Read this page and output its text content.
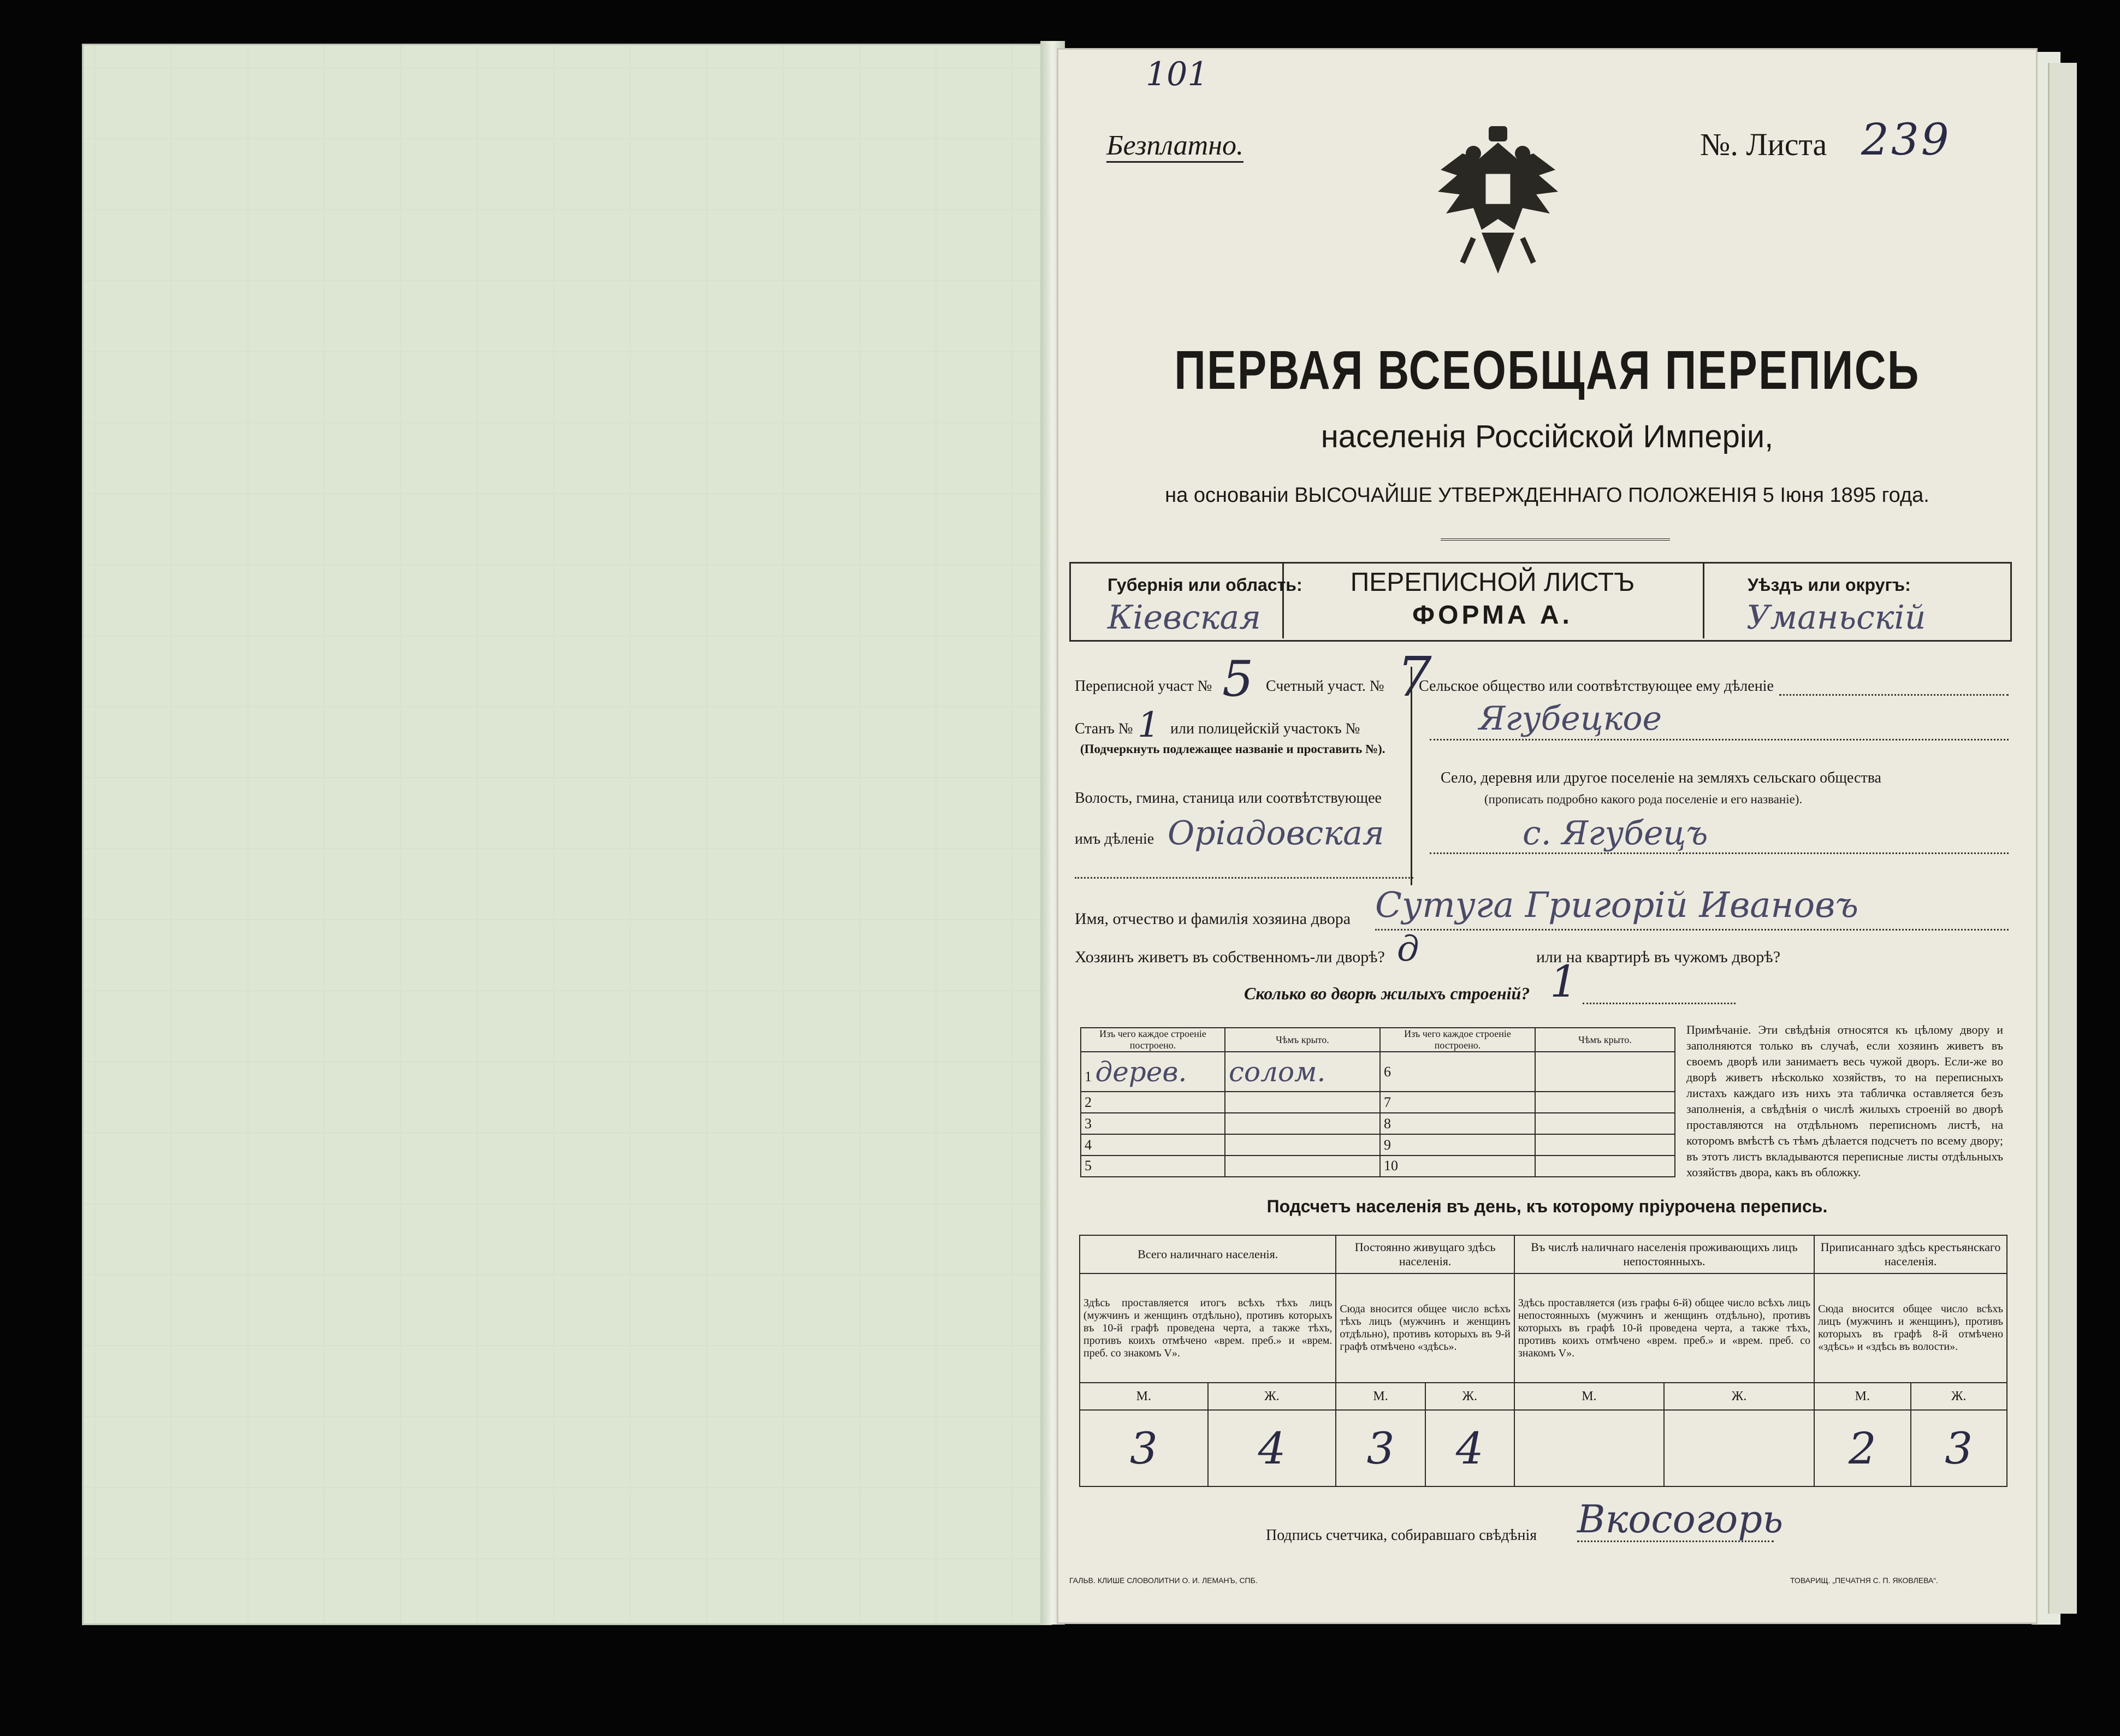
101
Безплатно.	№. Листа 239
ПЕРВАЯ ВСЕОБЩАЯ ПЕРЕПИСЬ
населенія Россійской Имперіи,
на основаніи ВЫСОЧАЙШЕ УТВЕРЖДЕННАГО ПОЛОЖЕНІЯ 5 Іюня 1895 года.
Губернія или область:
Кіевская
ПЕРЕПИСНОЙ ЛИСТЪ
ФОРМА А.
Уѣздъ или округъ:
Уманьскій
Переписной участ № 5 Счетный участ. № 7
Станъ № 1 или полицейскій участокъ №
(Подчеркнуть подлежащее названіе и проставить №).
Волость, гмина, станица или соотвѣтствующее
имъ дѣленіе Оріадовская
Сельское общество или соотвѣтствующее ему дѣленіе
Ягубецкое
Село, деревня или другое поселеніе на земляхъ сельскаго общества
(прописать подробно какого рода поселеніе и его названіе).
с. Ягубецъ
Имя, отчество и фамилія хозяина двора Сутуга Григорій Ивановъ
Хозяинъ живетъ въ собственномъ-ли дворѣ? д	или на квартирѣ въ чужомъ дворѣ?
Сколько во дворѣ жилыхъ строеній? 1
Изъ чего каждое строеніе построено.	Чѣмъ крыто.	Изъ чего каждое строеніе построено.	Чѣмъ крыто.
1 дерев.	солом.	6	
2		7	
3		8	
4		9	
5		10	
Примѣчаніе. Эти свѣдѣнія относятся къ цѣлому двору и заполняются только въ случаѣ, если хозяинъ живетъ въ своемъ дворѣ или занимаетъ весь чужой дворъ. Если-же во дворѣ живетъ нѣсколько хозяйствъ, то на переписныхъ листахъ каждаго изъ нихъ эта табличка оставляется безъ заполненія, а свѣдѣнія о числѣ жилыхъ строеній во дворѣ проставляются на отдѣльномъ переписномъ листѣ, на которомъ вмѣстѣ съ тѣмъ дѣлается подсчетъ по всему двору; въ этотъ листъ вкладываются переписные листы отдѣльныхъ хозяйствъ двора, какъ въ обложку.
Подсчетъ населенія въ день, къ которому пріурочена перепись.
Всего наличнаго населенія.		Постоянно живущаго здѣсь населенія.		Въ числѣ наличнаго населенія проживающихъ лицъ непостоянныхъ.		Приписаннаго здѣсь крестьянскаго населенія.	
Здѣсь проставляется итогъ всѣхъ тѣхъ лицъ (мужчинъ и женщинъ отдѣльно), противъ которыхъ въ 10-й графѣ проведена черта, а также тѣхъ, противъ коихъ отмѣчено «врем. преб.» и «врем. преб. со знакомъ V».		Сюда вносится общее число всѣхъ тѣхъ лицъ (мужчинъ и женщинъ отдѣльно), противъ которыхъ въ 9-й графѣ отмѣчено «здѣсь».		Здѣсь проставляется (изъ графы 6-й) общее число всѣхъ лицъ непостоянныхъ (мужчинъ и женщинъ отдѣльно), противъ которыхъ въ графѣ 10-й проведена черта, а также тѣхъ, противъ коихъ отмѣчено «врем. преб.» и «врем. преб. со знакомъ V».		Сюда вносится общее число всѣхъ лицъ (мужчинъ и женщинъ), противъ которыхъ въ графѣ 8-й отмѣчено «здѣсь» и «здѣсь въ волости».	
М.	Ж.	М.	Ж.	М.	Ж.	М.	Ж.
3	4	3	4			2	3
Подпись счетчика, собиравшаго свѣдѣнія Вкосогорь
ГАЛЬВ. КЛИШЕ СЛОВОЛИТНИ О. И. ЛЕМАНЪ, СПБ.	ТОВАРИЩ. „ПЕЧАТНЯ С. П. ЯКОВЛЕВА“.
